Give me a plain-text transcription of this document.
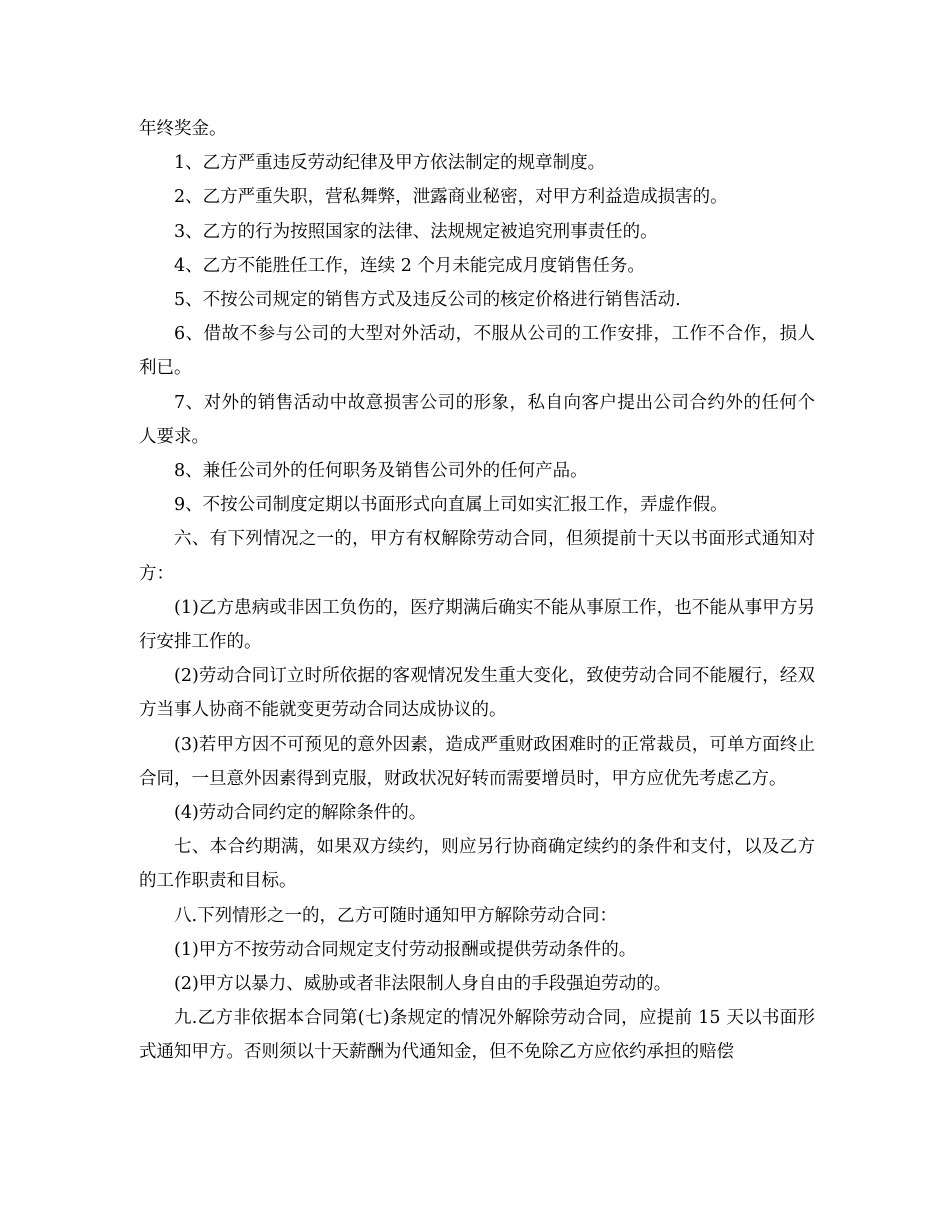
年终奖金。

1、乙方严重违反劳动纪律及甲方依法制定的规章制度。

2、乙方严重失职，营私舞弊，泄露商业秘密，对甲方利益造成损害的。

3、乙方的行为按照国家的法律、法规规定被追究刑事责任的。

4、乙方不能胜任工作，连续 2 个月未能完成月度销售任务。

5、不按公司规定的销售方式及违反公司的核定价格进行销售活动.

6、借故不参与公司的大型对外活动，不服从公司的工作安排，工作不合作，损人利已。

7、对外的销售活动中故意损害公司的形象，私自向客户提出公司合约外的任何个人要求。

8、兼任公司外的任何职务及销售公司外的任何产品。

9、不按公司制度定期以书面形式向直属上司如实汇报工作，弄虚作假。

六、有下列情况之一的，甲方有权解除劳动合同，但须提前十天以书面形式通知对方：

(1)乙方患病或非因工负伤的，医疗期满后确实不能从事原工作，也不能从事甲方另行安排工作的。

(2)劳动合同订立时所依据的客观情况发生重大变化，致使劳动合同不能履行，经双方当事人协商不能就变更劳动合同达成协议的。

(3)若甲方因不可预见的意外因素，造成严重财政困难时的正常裁员，可单方面终止合同，一旦意外因素得到克服，财政状况好转而需要增员时，甲方应优先考虑乙方。

(4)劳动合同约定的解除条件的。

七、本合约期满，如果双方续约，则应另行协商确定续约的条件和支付，以及乙方的工作职责和目标。

八.下列情形之一的，乙方可随时通知甲方解除劳动合同：

(1)甲方不按劳动合同规定支付劳动报酬或提供劳动条件的。

(2)甲方以暴力、威胁或者非法限制人身自由的手段强迫劳动的。

九.乙方非依据本合同第(七)条规定的情况外解除劳动合同，应提前 15 天以书面形式通知甲方。否则须以十天薪酬为代通知金，但不免除乙方应依约承担的赔偿
